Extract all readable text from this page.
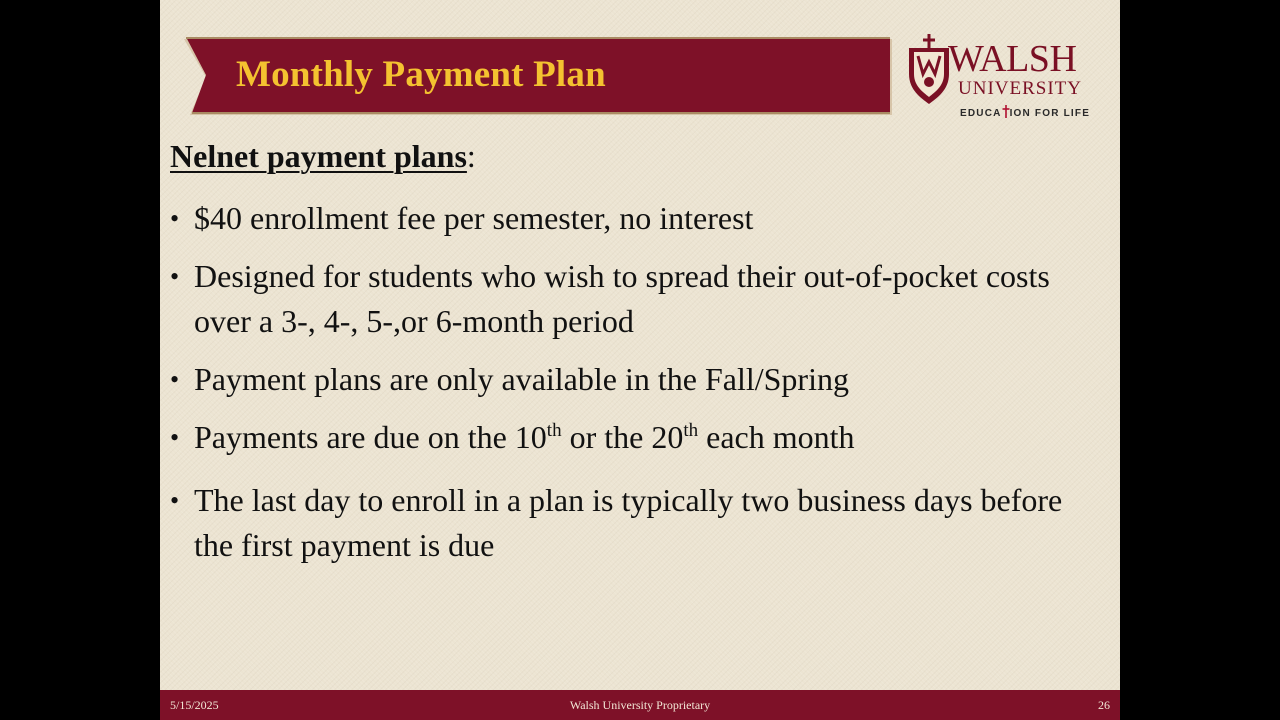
Monthly Payment Plan	WALSH
UNIVERSITY
EDUCA ION FOR LIFE
Nelnet payment plans:
• $40 enrollment fee per semester, no interest
• Designed for students who wish to spread their out-of-pocket costs over a 3-, 4-, 5-,or 6-month period
• Payment plans are only available in the Fall/Spring
• Payments are due on the 10th or the 20th each month
• The last day to enroll in a plan is typically two business days before the first payment is due
5/15/2025	Walsh University Proprietary	26
